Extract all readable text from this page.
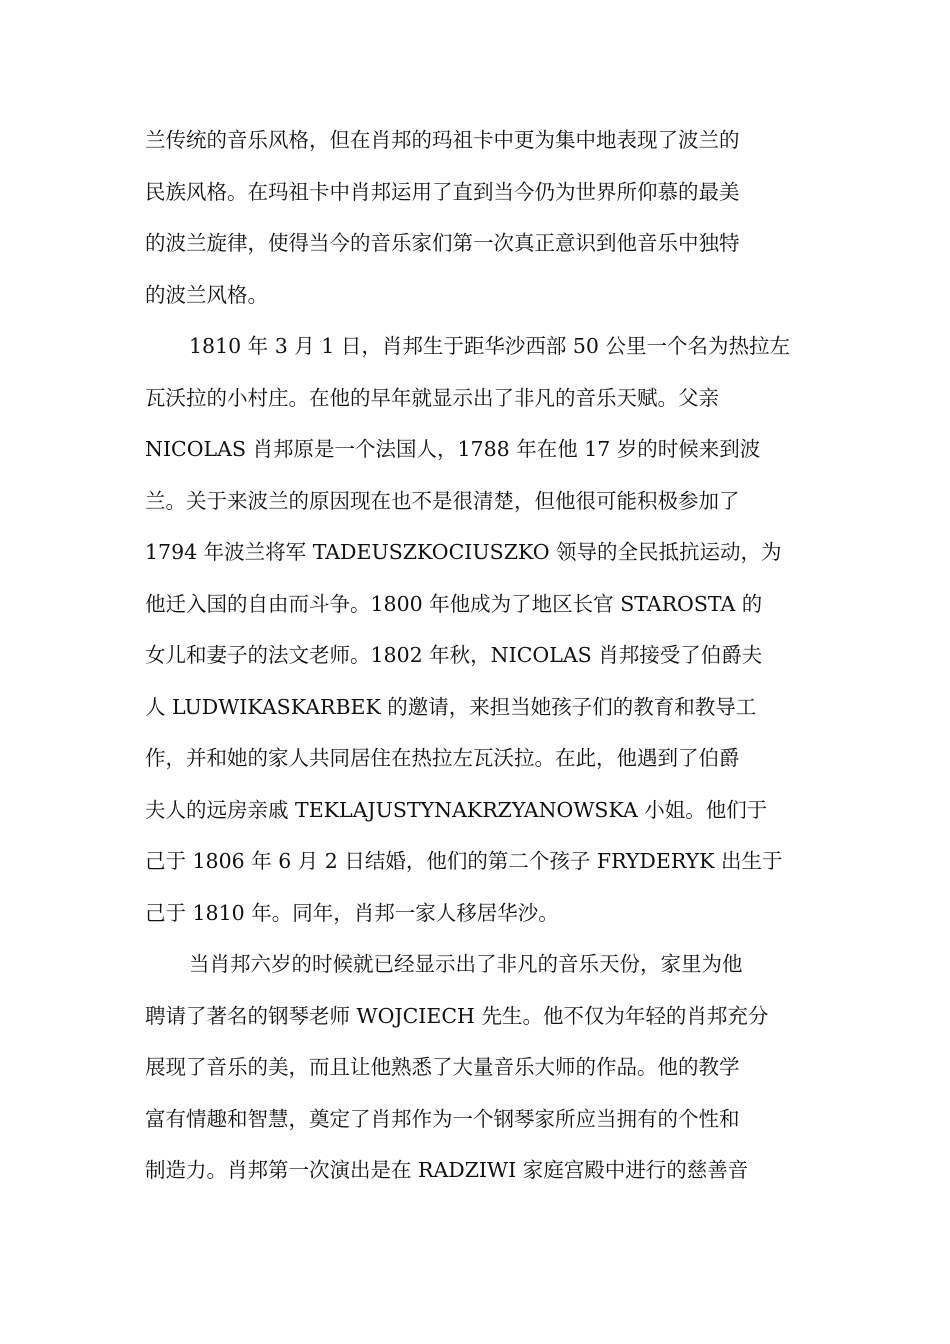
兰传统的音乐风格，但在肖邦的玛祖卡中更为集中地表现了波兰的
民族风格。在玛祖卡中肖邦运用了直到当今仍为世界所仰慕的最美
的波兰旋律，使得当今的音乐家们第一次真正意识到他音乐中独特
的波兰风格。
1810 年 3 月 1 日，肖邦生于距华沙西部 50 公里一个名为热拉左
瓦沃拉的小村庄。在他的早年就显示出了非凡的音乐天赋。父亲
NICOLAS 肖邦原是一个法国人，1788 年在他 17 岁的时候来到波
兰。关于来波兰的原因现在也不是很清楚，但他很可能积极参加了
1794 年波兰将军 TADEUSZKOCIUSZKO 领导的全民抵抗运动，为
他迁入国的自由而斗争。1800 年他成为了地区长官 STAROSTA 的
女儿和妻子的法文老师。1802 年秋，NICOLAS 肖邦接受了伯爵夫
人 LUDWIKASKARBEK 的邀请，来担当她孩子们的教育和教导工
作，并和她的家人共同居住在热拉左瓦沃拉。在此，他遇到了伯爵
夫人的远房亲戚 TEKLAJUSTYNAKRZYANOWSKA 小姐。他们于
己于 1806 年 6 月 2 日结婚，他们的第二个孩子 FRYDERYK 出生于
己于 1810 年。同年，肖邦一家人移居华沙。
当肖邦六岁的时候就已经显示出了非凡的音乐天份，家里为他
聘请了著名的钢琴老师 WOJCIECH 先生。他不仅为年轻的肖邦充分
展现了音乐的美，而且让他熟悉了大量音乐大师的作品。他的教学
富有情趣和智慧，奠定了肖邦作为一个钢琴家所应当拥有的个性和
制造力。肖邦第一次演出是在 RADZIWI 家庭宫殿中进行的慈善音
